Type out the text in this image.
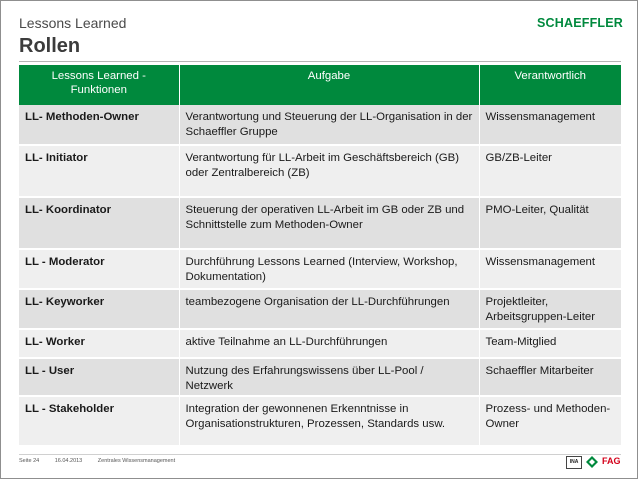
Lessons Learned
Rollen
SCHAEFFLER
Lessons Learned - Funktionen	Aufgabe	Verantwortlich
LL- Methoden-Owner	Verantwortung und Steuerung der LL-Organisation in der Schaeffler Gruppe	Wissensmanagement
LL- Initiator	Verantwortung für LL-Arbeit im Geschäftsbereich (GB) oder Zentralbereich (ZB)	GB/ZB-Leiter
LL- Koordinator	Steuerung der operativen LL-Arbeit im GB oder ZB und Schnittstelle zum Methoden-Owner	PMO-Leiter, Qualität
LL - Moderator	Durchführung Lessons Learned (Interview, Workshop, Dokumentation)	Wissensmanagement
LL- Keyworker	teambezogene Organisation der LL-Durchführungen	Projektleiter, Arbeitsgruppen-Leiter
LL- Worker	aktive Teilnahme an LL-Durchführungen	Team-Mitglied
LL - User	Nutzung des Erfahrungswissens über LL-Pool / Netzwerk	Schaeffler Mitarbeiter
LL - Stakeholder	Integration der gewonnenen Erkenntnisse in Organisationstrukturen, Prozessen, Standards usw.	Prozess- und Methoden-Owner
Seite 24	16.04.2013	Zentrales Wissensmanagement	INA	FAG
